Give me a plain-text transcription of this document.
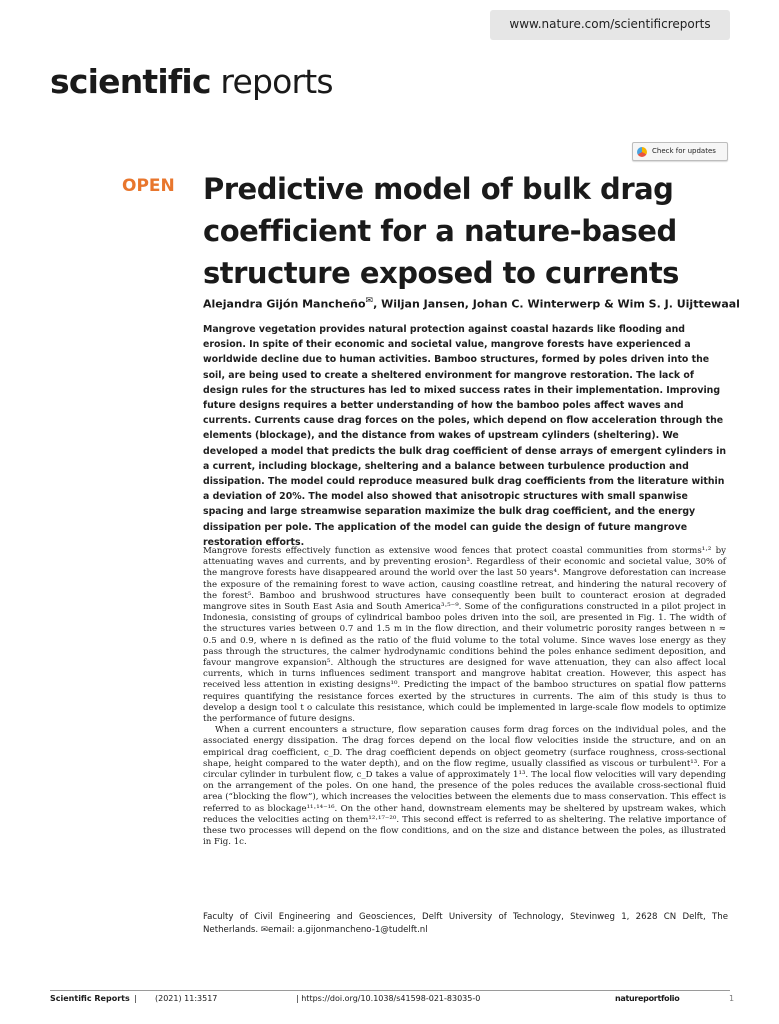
www.nature.com/scientificreports
scientific reports
Check for updates
OPEN Predictive model of bulk drag coefficient for a nature-based structure exposed to currents
Alejandra Gijón Mancheño✉, Wiljan Jansen, Johan C. Winterwerp & Wim S. J. Uijttewaal

Mangrove vegetation provides natural protection against coastal hazards like flooding and erosion. In spite of their economic and societal value, mangrove forests have experienced a worldwide decline due to human activities. Bamboo structures, formed by poles driven into the soil, are being used to create a sheltered environment for mangrove restoration. The lack of design rules for the structures has led to mixed success rates in their implementation. Improving future designs requires a better understanding of how the bamboo poles affect waves and currents. Currents cause drag forces on the poles, which depend on flow acceleration through the elements (blockage), and the distance from wakes of upstream cylinders (sheltering). We developed a model that predicts the bulk drag coefficient of dense arrays of emergent cylinders in a current, including blockage, sheltering and a balance between turbulence production and dissipation. The model could reproduce measured bulk drag coefficients from the literature within a deviation of 20%. The model also showed that anisotropic structures with small spanwise spacing and large streamwise separation maximize the bulk drag coefficient, and the energy dissipation per pole. The application of the model can guide the design of future mangrove restoration efforts.

Mangrove forests effectively function as extensive wood fences that protect coastal communities from storms¹·² by attenuating waves and currents, and by preventing erosion³. Regardless of their economic and societal value, 30% of the mangrove forests have disappeared around the world over the last 50 years⁴. Mangrove deforestation can increase the exposure of the remaining forest to wave action, causing coastline retreat, and hindering the natural recovery of the forest⁵. Bamboo and brushwood structures have consequently been built to counteract erosion at degraded mangrove sites in South East Asia and South America³·⁵⁻⁹. Some of the configurations constructed in a pilot project in Indonesia, consisting of groups of cylindrical bamboo poles driven into the soil, are presented in Fig. 1. The width of the structures varies between 0.7 and 1.5 m in the flow direction, and their volumetric porosity ranges between n ≈ 0.5 and 0.9, where n is defined as the ratio of the fluid volume to the total volume. Since waves lose energy as they pass through the structures, the calmer hydrodynamic conditions behind the poles enhance sediment deposition, and favour mangrove expansion⁵. Although the structures are designed for wave attenuation, they can also affect local currents, which in turns influences sediment transport and mangrove habitat creation. However, this aspect has received less attention in existing designs¹⁰. Predicting the impact of the bamboo structures on spatial flow patterns requires quantifying the resistance forces exerted by the structures in currents. The aim of this study is thus to develop a design tool t o calculate this resistance, which could be implemented in large-scale flow models to optimize the performance of future designs.

When a current encounters a structure, flow separation causes form drag forces on the individual poles, and the associated energy dissipation. The drag forces depend on the local flow velocities inside the structure, and on an empirical drag coefficient, c_D. The drag coefficient depends on object geometry (surface roughness, cross-sectional shape, height compared to the water depth), and on the flow regime, usually classified as viscous or turbulent¹³. For a circular cylinder in turbulent flow, c_D takes a value of approximately 1¹³. The local flow velocities will vary depending on the arrangement of the poles. On one hand, the presence of the poles reduces the available cross-sectional fluid area (“blocking the flow”), which increases the velocities between the elements due to mass conservation. This effect is referred to as blockage¹¹·¹⁴⁻¹⁶. On the other hand, downstream elements may be sheltered by upstream wakes, which reduces the velocities acting on them¹²·¹⁷⁻²⁰. This second effect is referred to as sheltering. The relative importance of these two processes will depend on the flow conditions, and on the size and distance between the poles, as illustrated in Fig. 1c.

Faculty of Civil Engineering and Geosciences, Delft University of Technology, Stevinweg 1, 2628 CN Delft, The Netherlands. ✉email: a.gijonmancheno-1@tudelft.nl

Scientific Reports | (2021) 11:3517	| https://doi.org/10.1038/s41598-021-83035-0	natureportfolio	1
